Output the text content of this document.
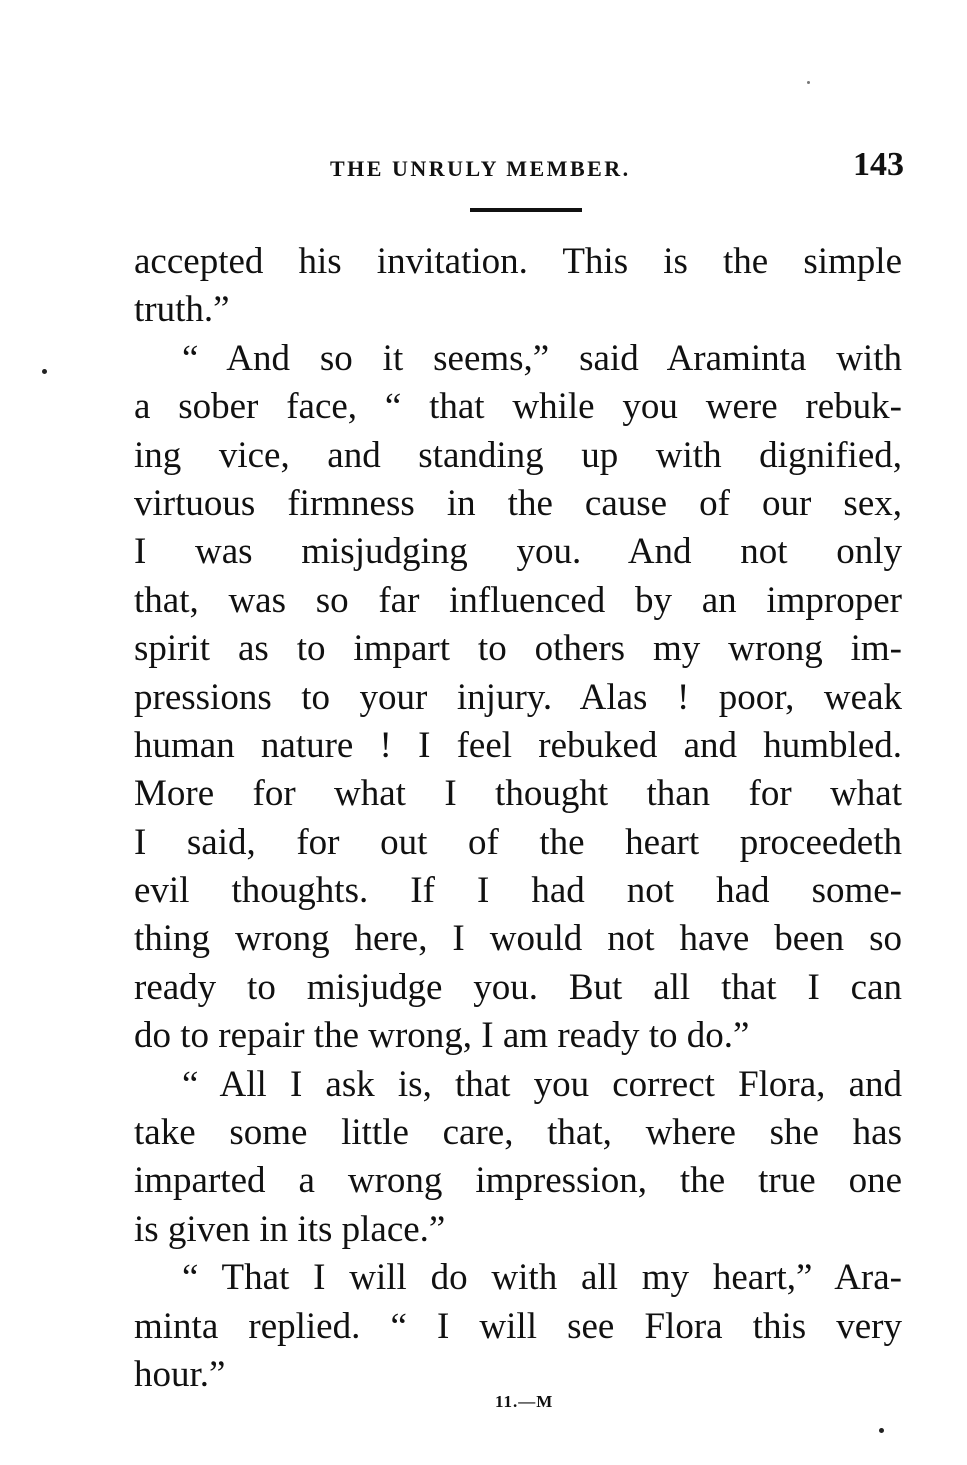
THE UNRULY MEMBER.	143
accepted his invitation. This is the simple
truth.”
“ And so it seems,” said Araminta with
a sober face, “ that while you were rebuk-
ing vice, and standing up with dignified,
virtuous firmness in the cause of our sex,
I was misjudging you. And not only
that, was so far influenced by an improper
spirit as to impart to others my wrong im-
pressions to your injury. Alas ! poor, weak
human nature ! I feel rebuked and humbled.
More for what I thought than for what
I said, for out of the heart proceedeth
evil thoughts. If I had not had some-
thing wrong here, I would not have been so
ready to misjudge you. But all that I can
do to repair the wrong, I am ready to do.”
“ All I ask is, that you correct Flora, and
take some little care, that, where she has
imparted a wrong impression, the true one
is given in its place.”
“ That I will do with all my heart,” Ara-
minta replied. “ I will see Flora this very
hour.”
11.—M
